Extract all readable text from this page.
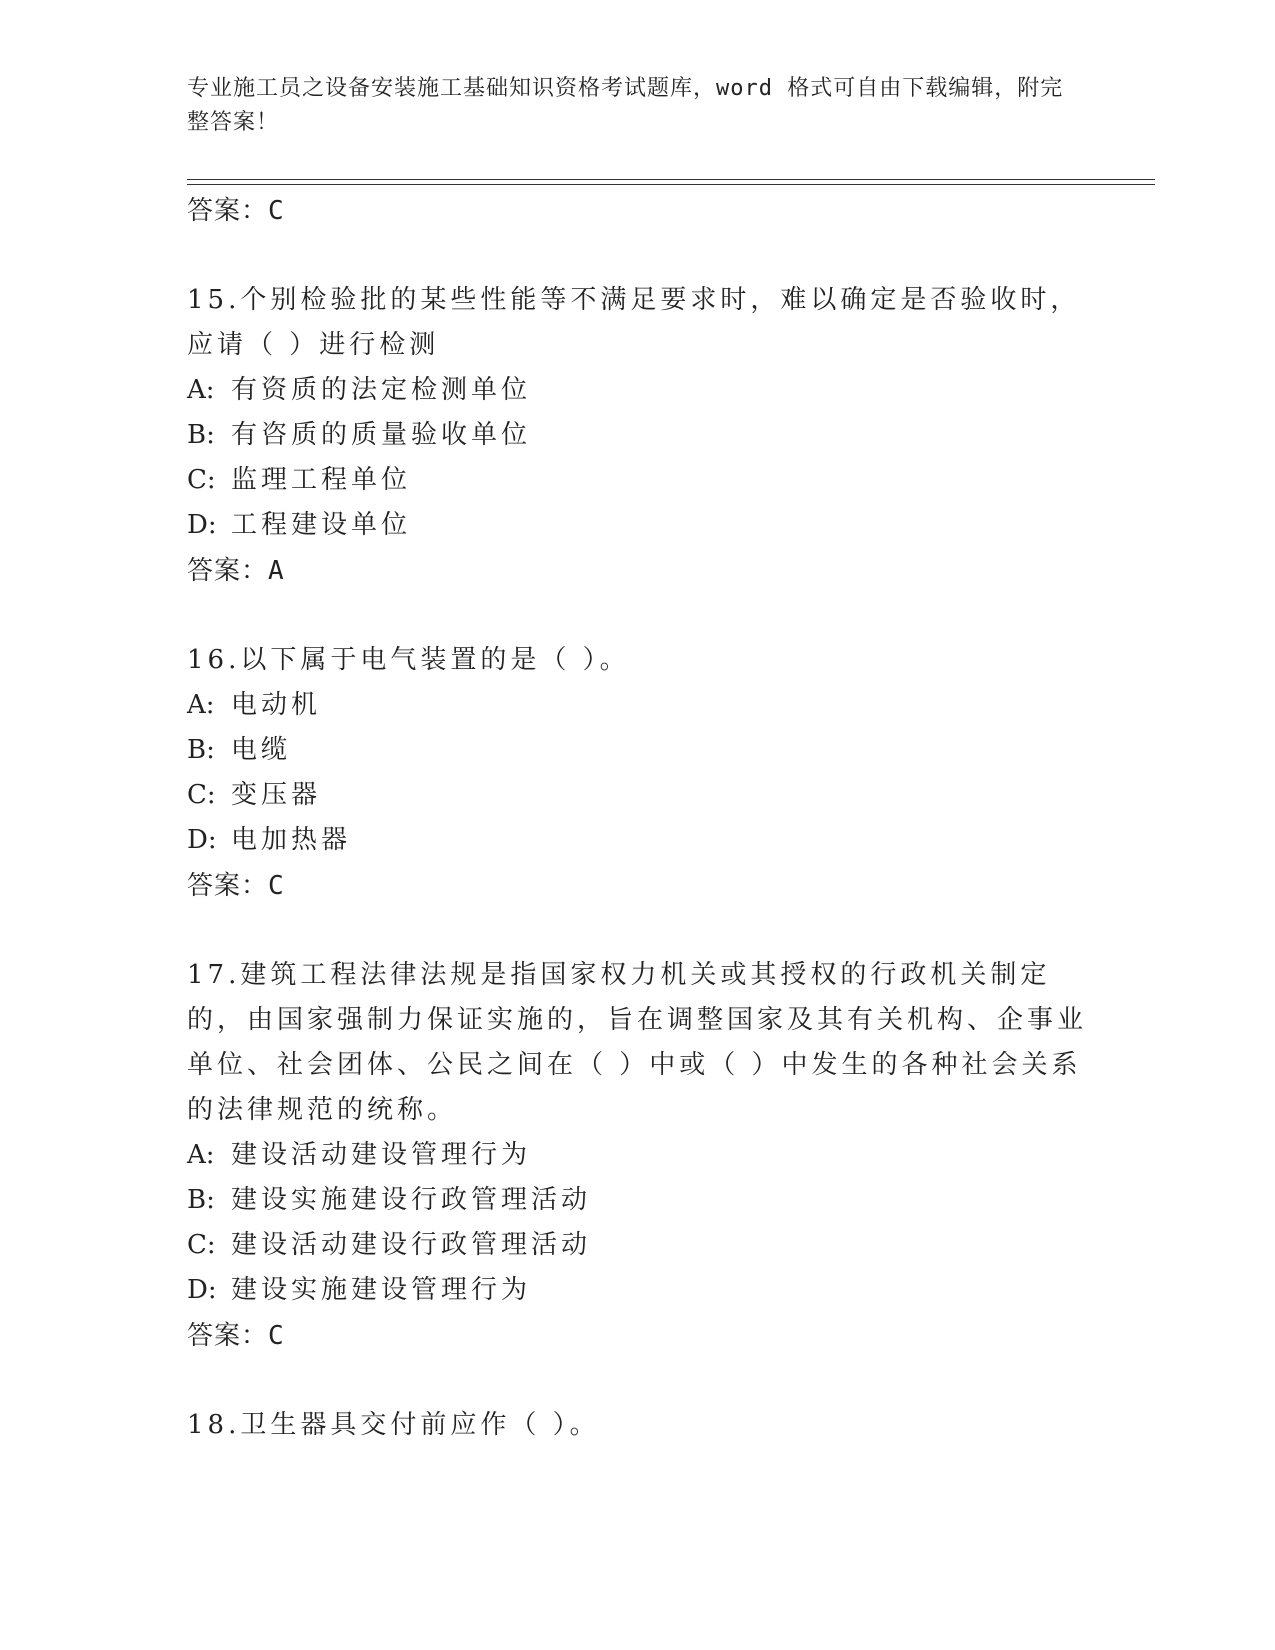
专业施工员之设备安装施工基础知识资格考试题库，word 格式可自由下载编辑，附完整答案！
答案：C
15.个别检验批的某些性能等不满足要求时，难以确定是否验收时，应请（ ）进行检测
A: 有资质的法定检测单位
B: 有咨质的质量验收单位
C: 监理工程单位
D: 工程建设单位
答案：A
16.以下属于电气装置的是（ ）。
A: 电动机
B: 电缆
C: 变压器
D: 电加热器
答案：C
17.建筑工程法律法规是指国家权力机关或其授权的行政机关制定的，由国家强制力保证实施的，旨在调整国家及其有关机构、企事业单位、社会团体、公民之间在（ ）中或（ ）中发生的各种社会关系的法律规范的统称。
A: 建设活动建设管理行为
B: 建设实施建设行政管理活动
C: 建设活动建设行政管理活动
D: 建设实施建设管理行为
答案：C
18.卫生器具交付前应作（ ）。
